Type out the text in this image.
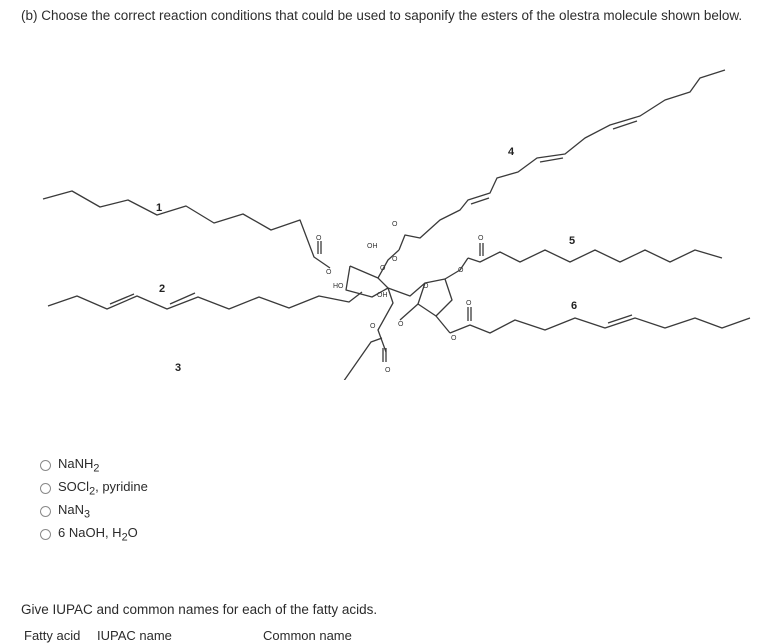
(b) Choose the correct reaction conditions that could be used to saponify the esters of the olestra molecule shown below.
1
2
3
4
5
6
OH
HO
OH
O
O
O
O
O
O
O
O
O
O
O
O
O
NaNH$_2$
SOCl$_2$, pyridine
NaN$_3$
6 NaOH, $H_2O$
Give IUPAC and common names for each of the fatty acids.
Fatty acid IUPAC name	Common name
